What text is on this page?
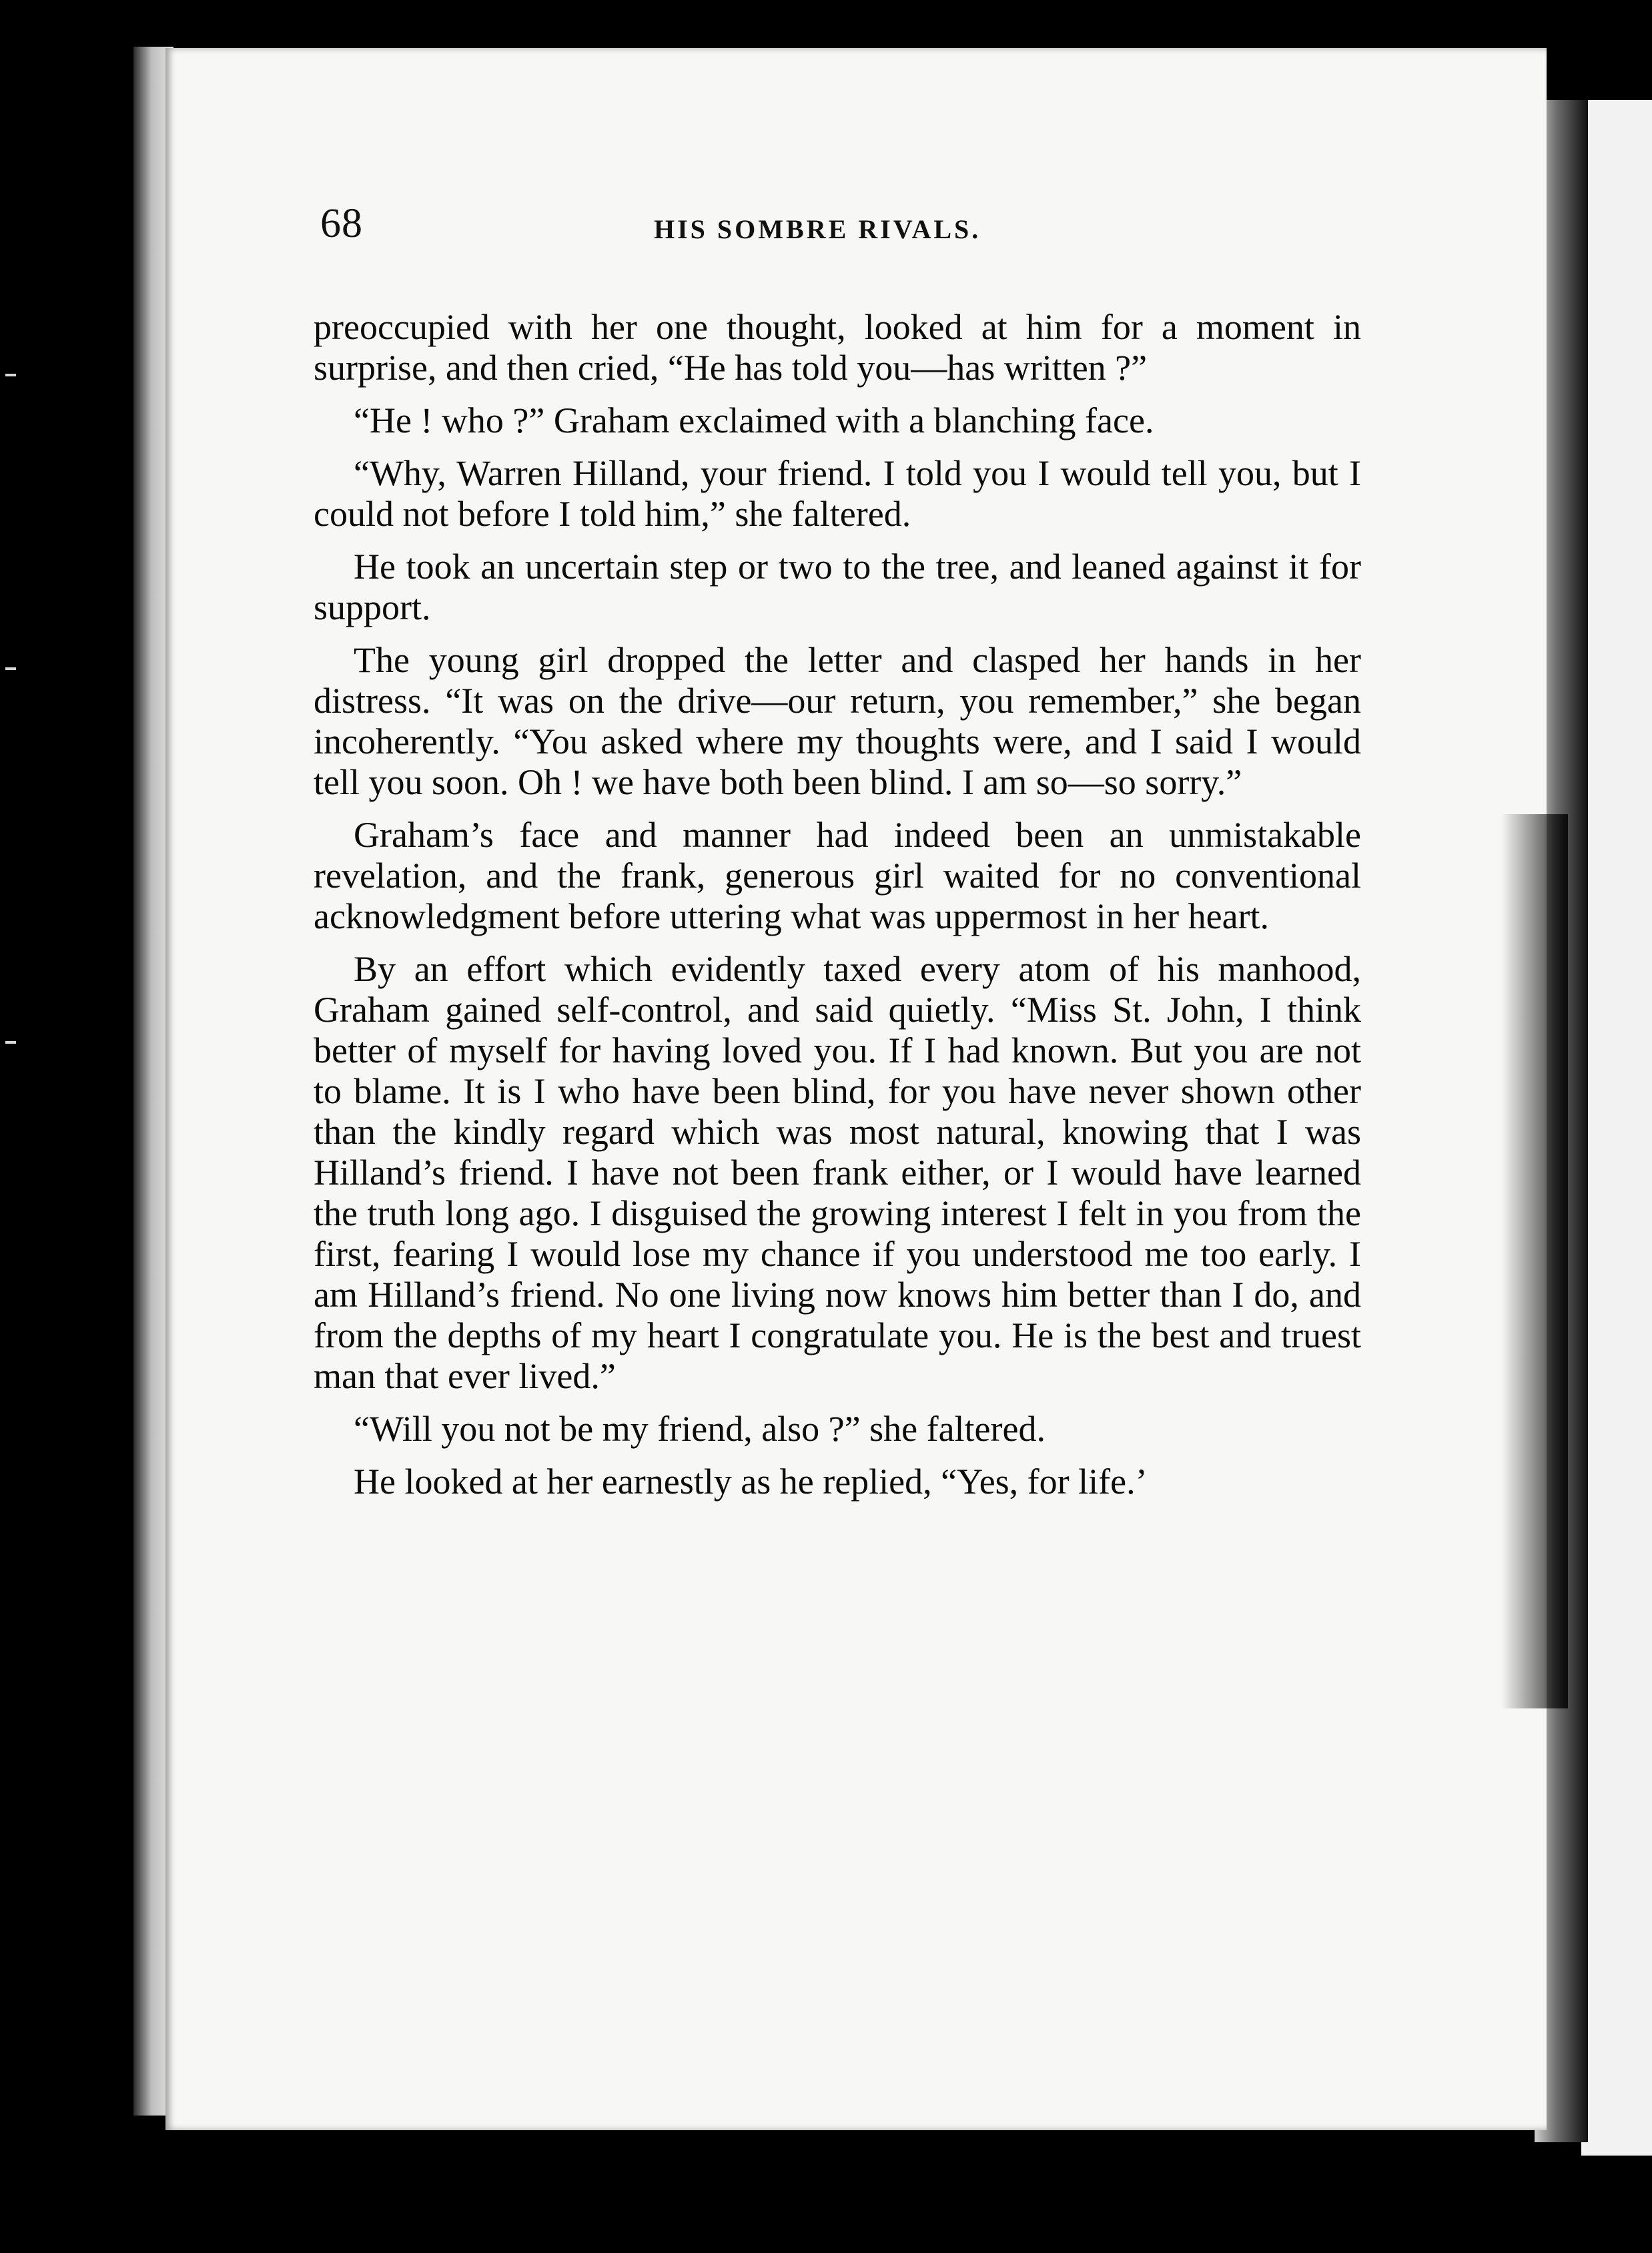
68	HIS SOMBRE RIVALS.

preoccupied with her one thought, looked at him for a moment in surprise, and then cried, “He has told you—has written ?”

“He ! who ?” Graham exclaimed with a blanching face.

“Why, Warren Hilland, your friend. I told you I would tell you, but I could not before I told him,” she faltered.

He took an uncertain step or two to the tree, and leaned against it for support.

The young girl dropped the letter and clasped her hands in her distress. “It was on the drive—our return, you remember,” she began incoherently. “You asked where my thoughts were, and I said I would tell you soon. Oh ! we have both been blind. I am so—so sorry.”

Graham’s face and manner had indeed been an unmistakable revelation, and the frank, generous girl waited for no conventional acknowledgment before uttering what was uppermost in her heart.

By an effort which evidently taxed every atom of his manhood, Graham gained self-control, and said quietly. “Miss St. John, I think better of myself for having loved you. If I had known. But you are not to blame. It is I who have been blind, for you have never shown other than the kindly regard which was most natural, knowing that I was Hilland’s friend. I have not been frank either, or I would have learned the truth long ago. I disguised the growing interest I felt in you from the first, fearing I would lose my chance if you understood me too early. I am Hilland’s friend. No one living now knows him better than I do, and from the depths of my heart I congratulate you. He is the best and truest man that ever lived.”

“Will you not be my friend, also ?” she faltered.

He looked at her earnestly as he replied, “Yes, for life.’
